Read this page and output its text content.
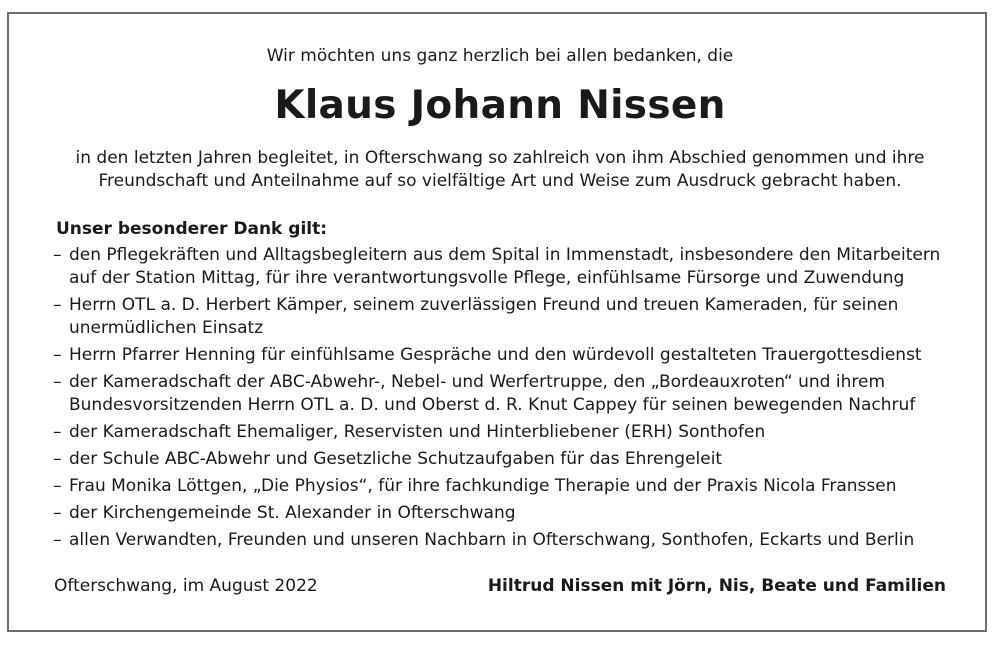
Wir möchten uns ganz herzlich bei allen bedanken, die
Klaus Johann Nissen
in den letzten Jahren begleitet, in Ofterschwang so zahlreich von ihm Abschied genommen und ihre
Freundschaft und Anteilnahme auf so vielfältige Art und Weise zum Ausdruck gebracht haben.
Unser besonderer Dank gilt:
– den Pflegekräften und Alltagsbegleitern aus dem Spital in Immenstadt, insbesondere den Mitarbeitern
auf der Station Mittag, für ihre verantwortungsvolle Pflege, einfühlsame Fürsorge und Zuwendung
– Herrn OTL a. D. Herbert Kämper, seinem zuverlässigen Freund und treuen Kameraden, für seinen
unermüdlichen Einsatz
– Herrn Pfarrer Henning für einfühlsame Gespräche und den würdevoll gestalteten Trauergottesdienst
– der Kameradschaft der ABC-Abwehr-, Nebel- und Werfertruppe, den „Bordeauxroten“ und ihrem
Bundesvorsitzenden Herrn OTL a. D. und Oberst d. R. Knut Cappey für seinen bewegenden Nachruf
– der Kameradschaft Ehemaliger, Reservisten und Hinterbliebener (ERH) Sonthofen
– der Schule ABC-Abwehr und Gesetzliche Schutzaufgaben für das Ehrengeleit
– Frau Monika Löttgen, „Die Physios“, für ihre fachkundige Therapie und der Praxis Nicola Franssen
– der Kirchengemeinde St. Alexander in Ofterschwang
– allen Verwandten, Freunden und unseren Nachbarn in Ofterschwang, Sonthofen, Eckarts und Berlin
Ofterschwang, im August 2022	Hiltrud Nissen mit Jörn, Nis, Beate und Familien
